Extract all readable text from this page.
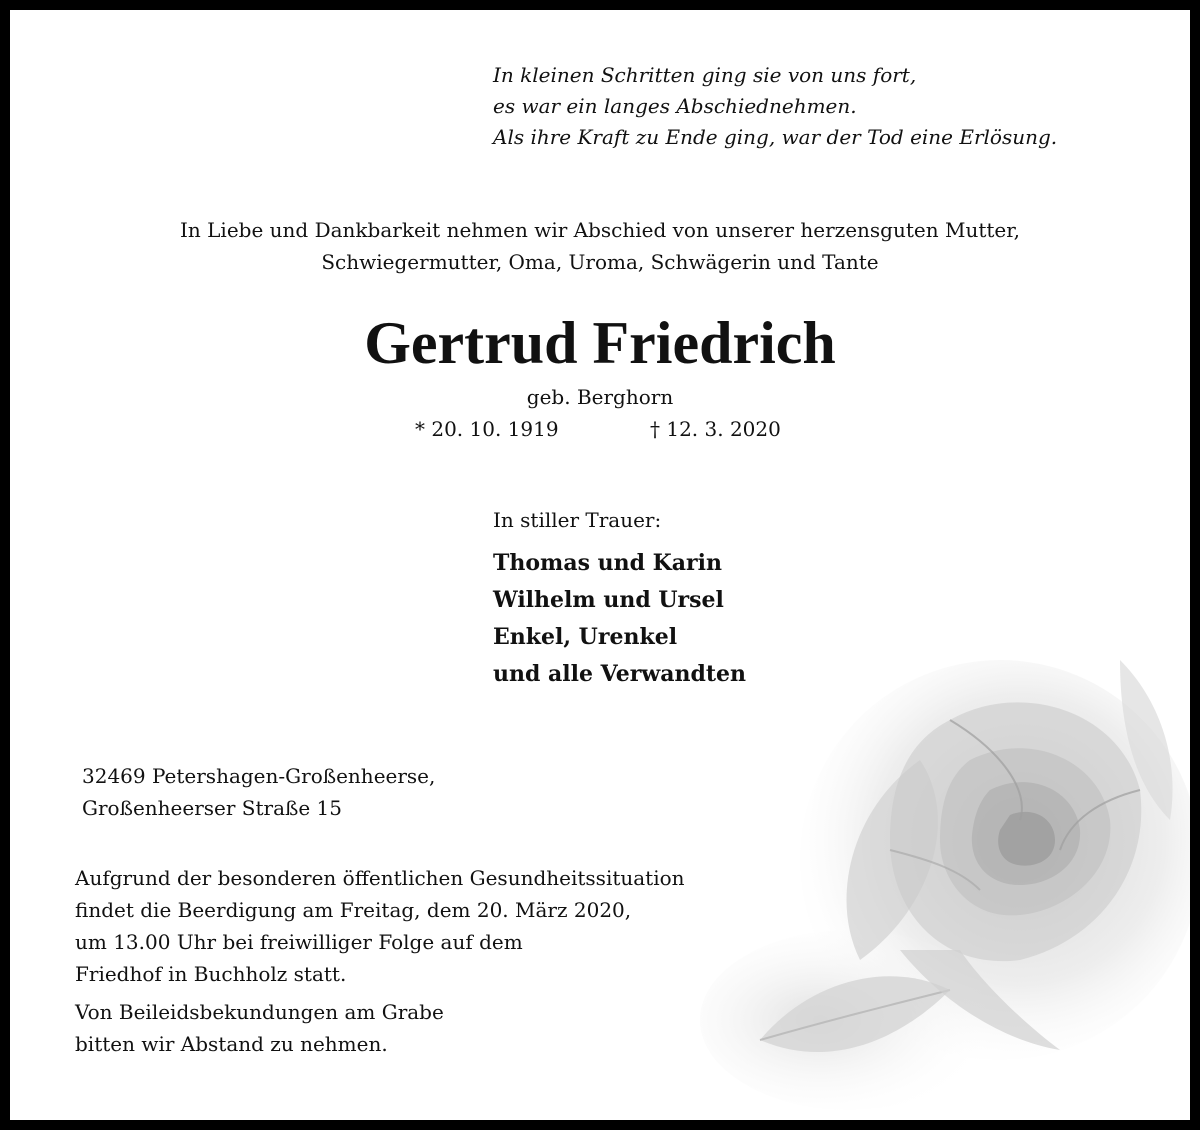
In kleinen Schritten ging sie von uns fort,
es war ein langes Abschiednehmen.
Als ihre Kraft zu Ende ging, war der Tod eine Erlösung.
In Liebe und Dankbarkeit nehmen wir Abschied von unserer herzensguten Mutter,
Schwiegermutter, Oma, Uroma, Schwägerin und Tante
Gertrud Friedrich
geb. Berghorn
* 20. 10. 1919	† 12. 3. 2020
In stiller Trauer:
Thomas und Karin
Wilhelm und Ursel
Enkel, Urenkel
und alle Verwandten
32469 Petershagen-Großenheerse,
Großenheerser Straße 15
Aufgrund der besonderen öffentlichen Gesundheitssituation
findet die Beerdigung am Freitag, dem 20. März 2020,
um 13.00 Uhr bei freiwilliger Folge auf dem
Friedhof in Buchholz statt.
Von Beileidsbekundungen am Grabe
bitten wir Abstand zu nehmen.
